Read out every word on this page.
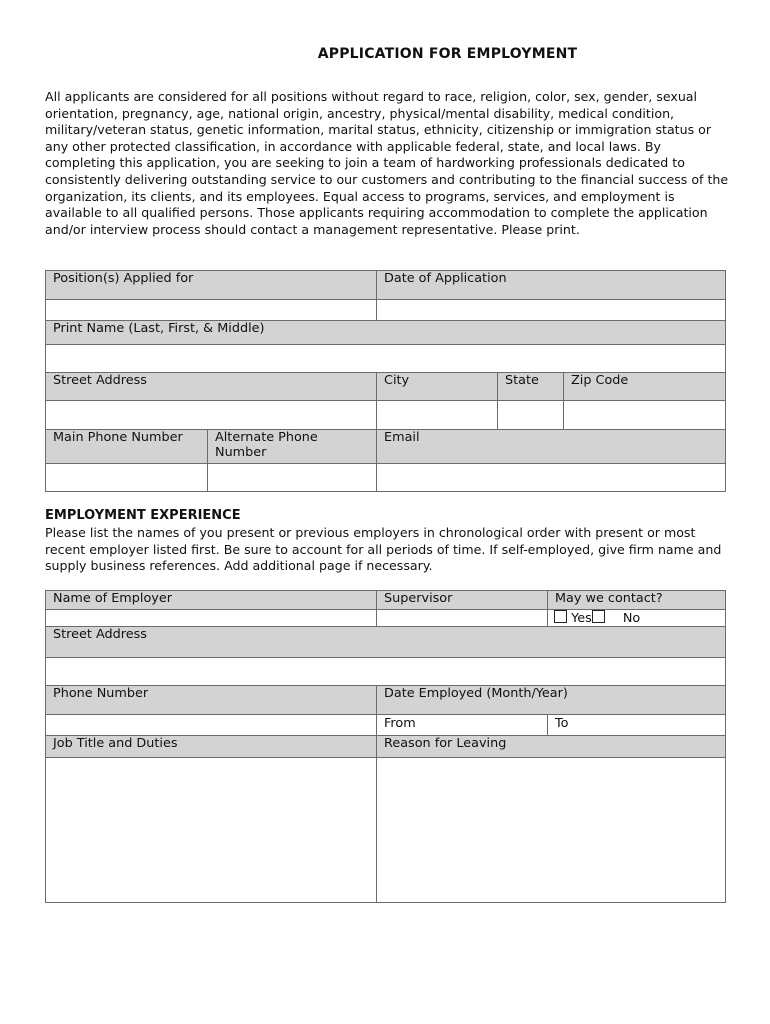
APPLICATION FOR EMPLOYMENT
All applicants are considered for all positions without regard to race, religion, color, sex, gender, sexual orientation, pregnancy, age, national origin, ancestry, physical/mental disability, medical condition, military/veteran status, genetic information, marital status, ethnicity, citizenship or immigration status or any other protected classification, in accordance with applicable federal, state, and local laws. By completing this application, you are seeking to join a team of hardworking professionals dedicated to consistently delivering outstanding service to our customers and contributing to the financial success of the organization, its clients, and its employees. Equal access to programs, services, and employment is available to all qualified persons. Those applicants requiring accommodation to complete the application and/or interview process should contact a management representative. Please print.
Position(s) Applied for		Date of Application		

Print Name (Last, First, & Middle)				

Street Address		City	State	Zip Code

Main Phone Number	Alternate Phone Number	Email		

EMPLOYMENT EXPERIENCE
Please list the names of you present or previous employers in chronological order with present or most recent employer listed first. Be sure to account for all periods of time. If self-employed, give firm name and supply business references. Add additional page if necessary.
Name of Employer	Supervisor	May we contact?
		Yes No
Street Address		

Phone Number	Date Employed (Month/Year)	
	From	To
Job Title and Duties	Reason for Leaving	
